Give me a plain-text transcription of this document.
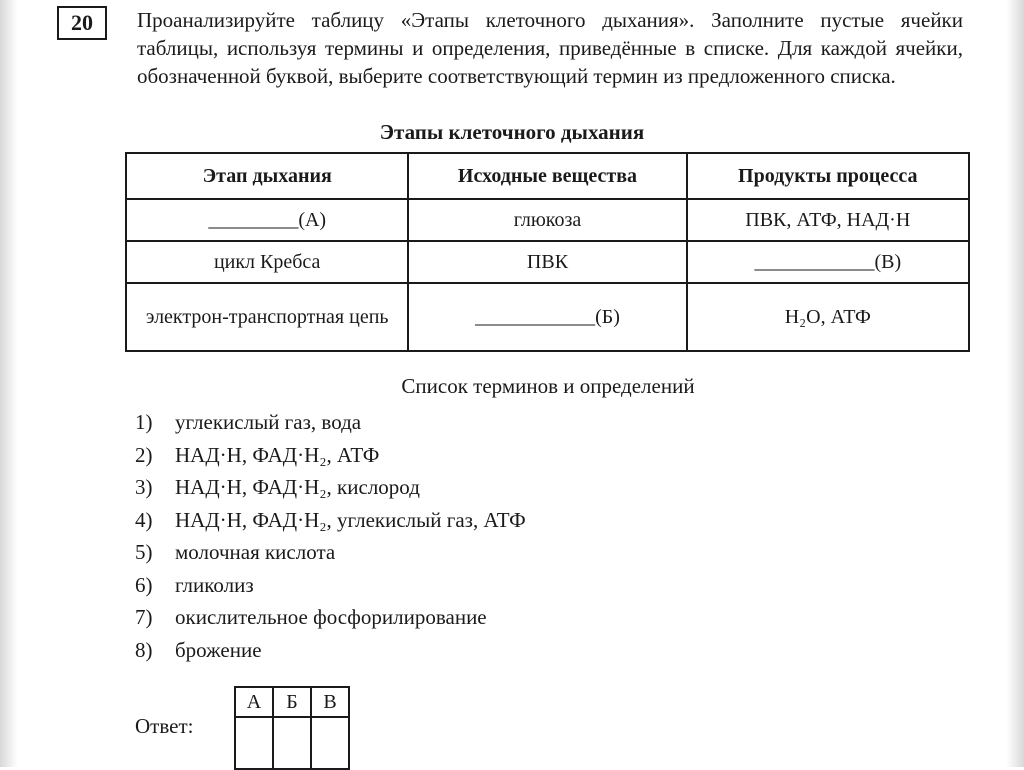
20	Проанализируйте таблицу «Этапы клеточного дыхания». Заполните пустые ячейки таблицы, используя термины и определения, приведённые в списке. Для каждой ячейки, обозначенной буквой, выберите соответствующий термин из предложенного списка.

Этапы клеточного дыхания
Этап дыхания	Исходные вещества	Продукты процесса
_________(А)	глюкоза	ПВК, АТФ, НАД·Н
цикл Кребса	ПВК	____________(В)
электрон-транспортная цепь	____________(Б)	H₂O, АТФ
Список терминов и определений
1)	углекислый газ, вода
2)	НАД·Н, ФАД·Н₂, АТФ
3)	НАД·Н, ФАД·Н₂, кислород
4)	НАД·Н, ФАД·Н₂, углекислый газ, АТФ
5)	молочная кислота
6)	гликолиз
7)	окислительное фосфорилирование
8)	брожение
Ответ:
А	Б	В
